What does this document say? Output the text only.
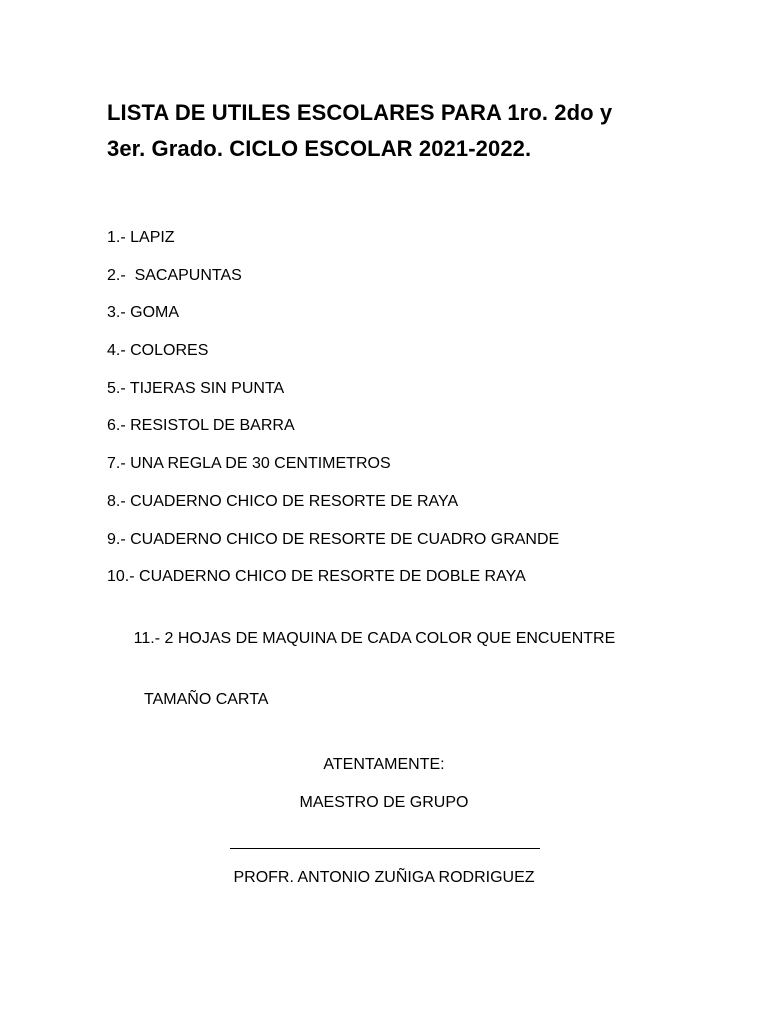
LISTA DE UTILES ESCOLARES PARA 1ro. 2do y
3er. Grado. CICLO ESCOLAR 2021-2022.
1.- LAPIZ
2.-  SACAPUNTAS
3.- GOMA
4.- COLORES
5.- TIJERAS SIN PUNTA
6.- RESISTOL DE BARRA
7.- UNA REGLA DE 30 CENTIMETROS
8.- CUADERNO CHICO DE RESORTE DE RAYA
9.- CUADERNO CHICO DE RESORTE DE CUADRO GRANDE
10.- CUADERNO CHICO DE RESORTE DE DOBLE RAYA

11.- 2 HOJAS DE MAQUINA DE CADA COLOR QUE ENCUENTRE

TAMAÑO CARTA

ATENTAMENTE:
MAESTRO DE GRUPO
PROFR. ANTONIO ZUÑIGA RODRIGUEZ
